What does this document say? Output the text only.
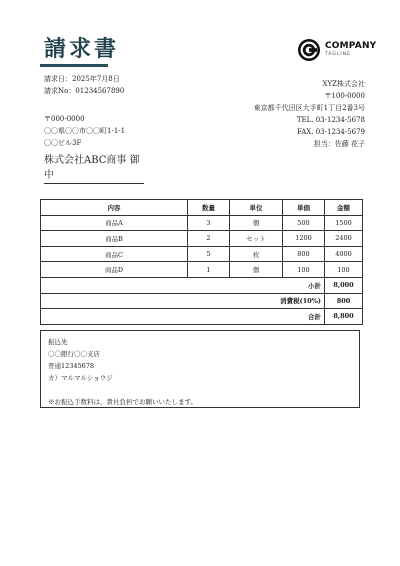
請求書	COMPANY
TAGLINE
請求日：2025年7月8日
請求No：01234567890
XYZ株式会社
〒100-0000
東京都千代田区大手町1丁目2番3号
TEL. 03-1234-5678
FAX. 03-1234-5679
担当：佐藤 花子
〒000-0000
〇〇県〇〇市〇〇町1-1-1
〇〇ビル3F
株式会社ABC商事 御中
内容	数量	単位	単価	金額
商品A	3	個	500	1500
商品B	2	セット	1200	2400
商品C	5	枚	800	4000
商品D	1	個	100	100
小計				8,000
消費税(10%)				800
合計				8,800
振込先
〇〇銀行〇〇支店
普通12345678
カ）マルマルショウジ
※お振込手数料は、貴社負担でお願いいたします。
